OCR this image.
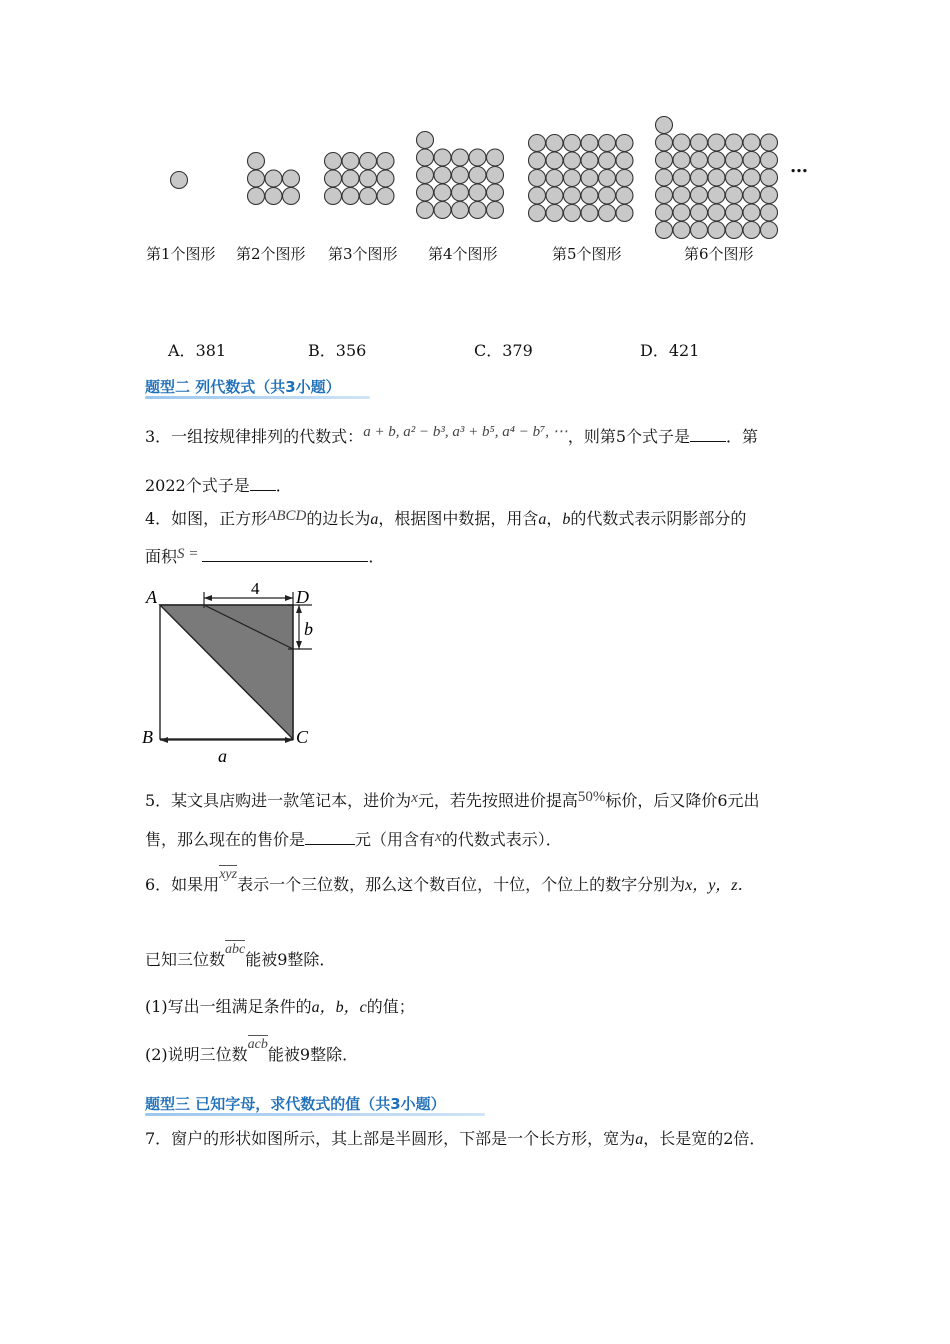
第1个图形 第2个图形 第3个图形 第4个图形	第5个图形	第6个图形
…
A．381	B．356	C．379	D．421
题型二 列代数式（共3小题）
3．一组按规律排列的代数式：a + b, a² − b³, a³ + b⁵, a⁴ − b⁷, ⋯，则第5个式子是 ．第
2022个式子是 ．
4．如图，正方形ABCD的边长为a，根据图中数据，用含a，b的代数式表示阴影部分的
面积S =	．
A	D
B	C
4
b
a
5．某文具店购进一款笔记本，进价为x元，若先按照进价提高50%标价，后又降价6元出
售，那么现在的售价是	元（用含有x的代数式表示）．
6．如果用xyz表示一个三位数，那么这个数百位，十位，个位上的数字分别为x，y，z．
已知三位数abc能被9整除．
(1)写出一组满足条件的a，b，c的值；
(2)说明三位数acb能被9整除．
题型三 已知字母，求代数式的值（共3小题）
7．窗户的形状如图所示，其上部是半圆形，下部是一个长方形，宽为a，长是宽的2倍．
